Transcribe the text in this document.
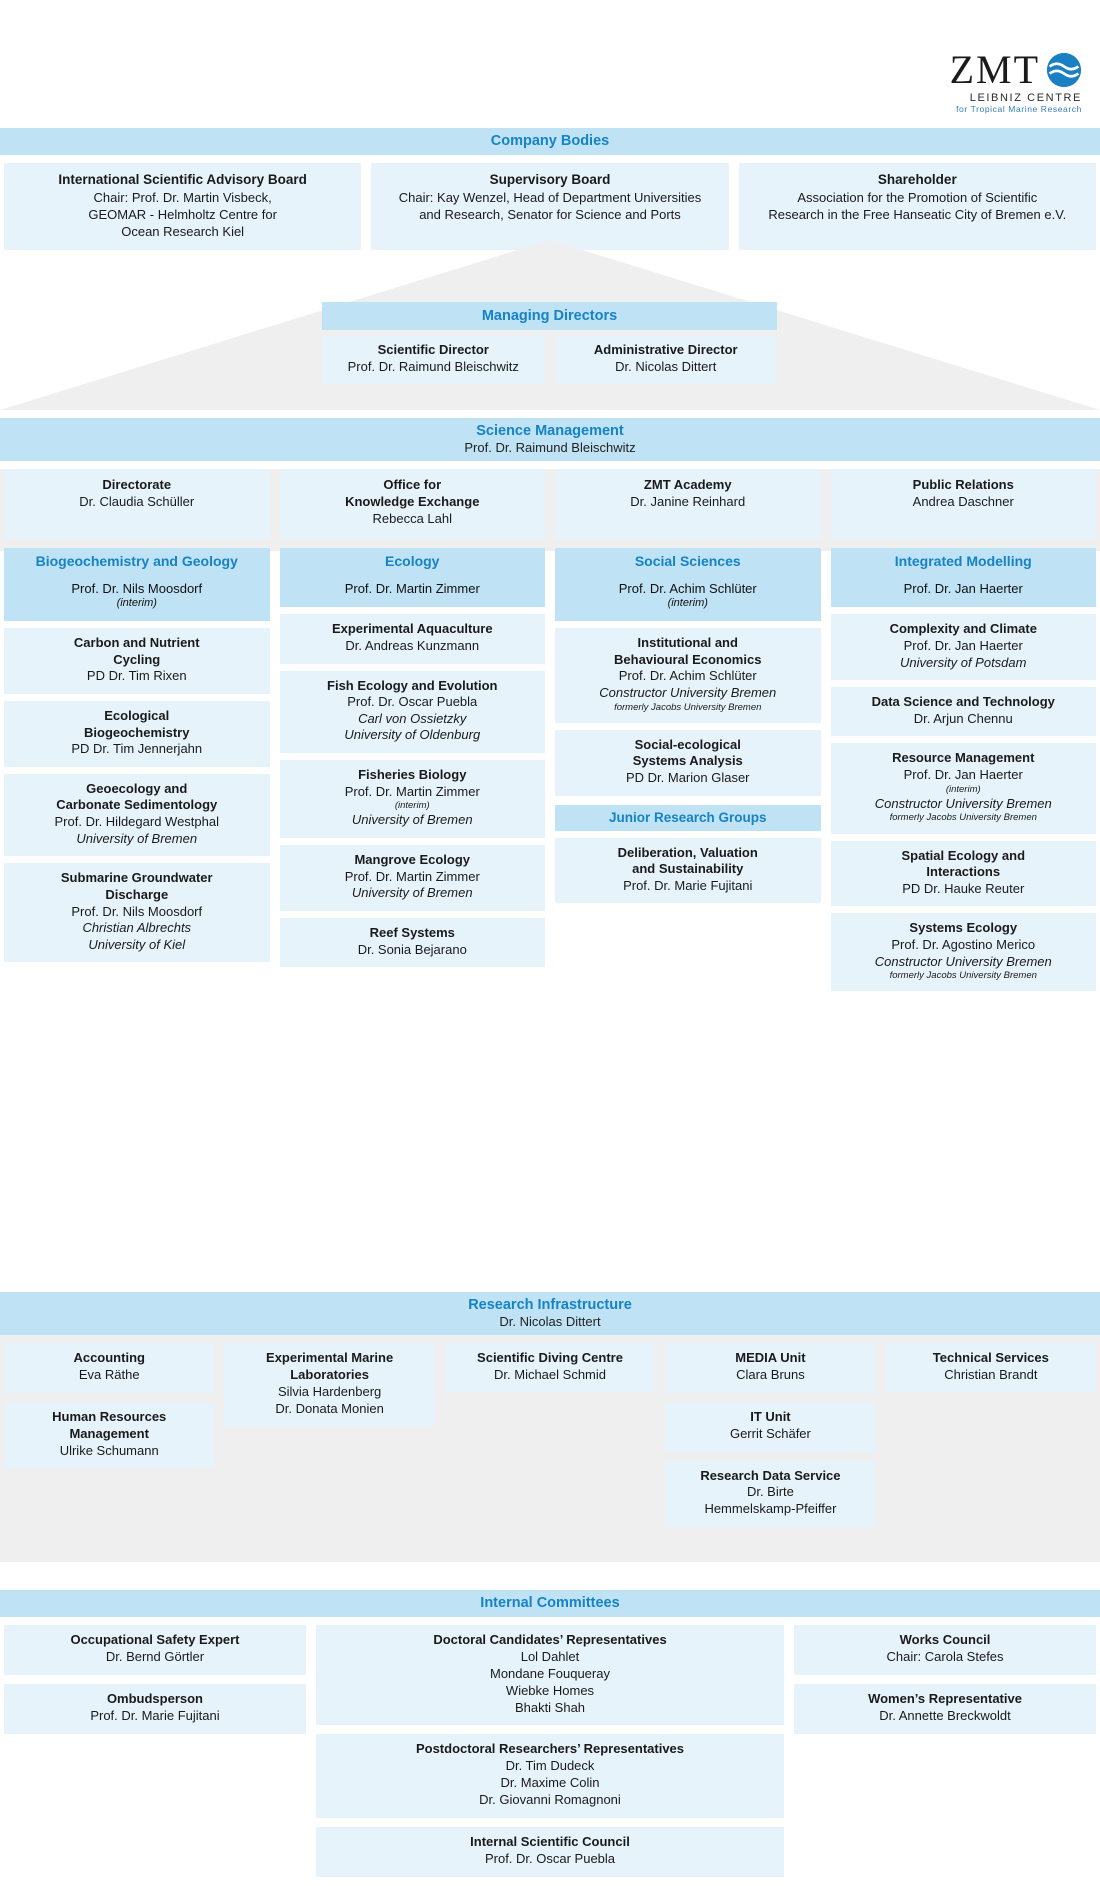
ZMT
LEIBNIZ CENTRE
for Tropical Marine Research
Company Bodies
International Scientific Advisory Board
Chair: Prof. Dr. Martin Visbeck,
GEOMAR - Helmholtz Centre for
Ocean Research Kiel
Supervisory Board
Chair: Kay Wenzel, Head of Department Universities
and Research, Senator for Science and Ports
Shareholder
Association for the Promotion of Scientific
Research in the Free Hanseatic City of Bremen e.V.
Managing Directors
Scientific Director
Prof. Dr. Raimund Bleischwitz
Administrative Director
Dr. Nicolas Dittert
Science Management
Prof. Dr. Raimund Bleischwitz
Directorate
Dr. Claudia Schüller
Office for
Knowledge Exchange
Rebecca Lahl
ZMT Academy
Dr. Janine Reinhard
Public Relations
Andrea Daschner
Biogeochemistry and Geology
Prof. Dr. Nils Moosdorf
(interim)
Carbon and Nutrient
Cycling
PD Dr. Tim Rixen
Ecological
Biogeochemistry
PD Dr. Tim Jennerjahn
Geoecology and
Carbonate Sedimentology
Prof. Dr. Hildegard Westphal
University of Bremen
Submarine Groundwater
Discharge
Prof. Dr. Nils Moosdorf
Christian Albrechts
University of Kiel
Ecology
Prof. Dr. Martin Zimmer
Experimental Aquaculture
Dr. Andreas Kunzmann
Fish Ecology and Evolution
Prof. Dr. Oscar Puebla
Carl von Ossietzky
University of Oldenburg
Fisheries Biology
Prof. Dr. Martin Zimmer
(interim)
University of Bremen
Mangrove Ecology
Prof. Dr. Martin Zimmer
University of Bremen
Reef Systems
Dr. Sonia Bejarano
Social Sciences
Prof. Dr. Achim Schlüter
(interim)
Institutional and
Behavioural Economics
Prof. Dr. Achim Schlüter
Constructor University Bremen
formerly Jacobs University Bremen
Social-ecological
Systems Analysis
PD Dr. Marion Glaser
Junior Research Groups
Deliberation, Valuation
and Sustainability
Prof. Dr. Marie Fujitani
Integrated Modelling
Prof. Dr. Jan Haerter
Complexity and Climate
Prof. Dr. Jan Haerter
University of Potsdam
Data Science and Technology
Dr. Arjun Chennu
Resource Management
Prof. Dr. Jan Haerter
(interim)
Constructor University Bremen
formerly Jacobs University Bremen
Spatial Ecology and
Interactions
PD Dr. Hauke Reuter
Systems Ecology
Prof. Dr. Agostino Merico
Constructor University Bremen
formerly Jacobs University Bremen
Research Infrastructure
Dr. Nicolas Dittert
Accounting
Eva Räthe
Human Resources
Management
Ulrike Schumann
Experimental Marine
Laboratories
Silvia Hardenberg
Dr. Donata Monien
Scientific Diving Centre
Dr. Michael Schmid
MEDIA Unit
Clara Bruns
IT Unit
Gerrit Schäfer
Research Data Service
Dr. Birte
Hemmelskamp-Pfeiffer
Technical Services
Christian Brandt
Internal Committees
Occupational Safety Expert
Dr. Bernd Görtler
Ombudsperson
Prof. Dr. Marie Fujitani
Doctoral Candidates’ Representatives
Lol Dahlet
Mondane Fouqueray
Wiebke Homes
Bhakti Shah
Postdoctoral Researchers’ Representatives
Dr. Tim Dudeck
Dr. Maxime Colin
Dr. Giovanni Romagnoni
Internal Scientific Council
Prof. Dr. Oscar Puebla
Works Council
Chair: Carola Stefes
Women’s Representative
Dr. Annette Breckwoldt
